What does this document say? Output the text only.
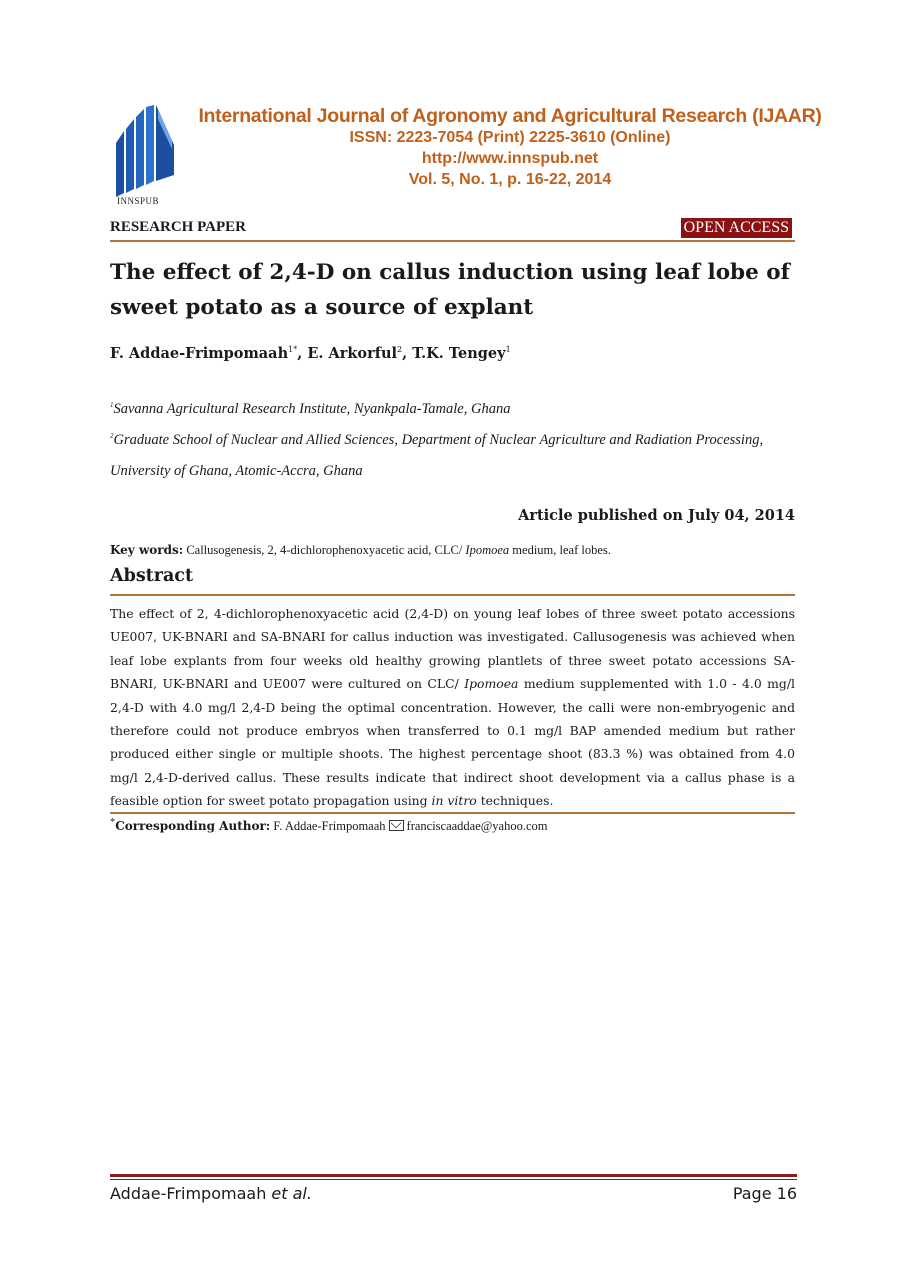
INNSPUB
International Journal of Agronomy and Agricultural Research (IJAAR)
ISSN: 2223-7054 (Print) 2225-3610 (Online)
http://www.innspub.net
Vol. 5, No. 1, p. 16-22, 2014
RESEARCH PAPER	OPEN ACCESS
The effect of 2,4-D on callus induction using leaf lobe of sweet potato as a source of explant
F. Addae-Frimpomaah$^{1*}$, E. Arkorful$^2$, T.K. Tengey$^1$
$^1$Savanna Agricultural Research Institute, Nyankpala-Tamale, Ghana
$^2$Graduate School of Nuclear and Allied Sciences, Department of Nuclear Agriculture and Radiation Processing, University of Ghana, Atomic-Accra, Ghana
Article published on July 04, 2014
Key words: Callusogenesis, 2, 4-dichlorophenoxyacetic acid, CLC/ Ipomoea medium, leaf lobes.
Abstract
The effect of 2, 4-dichlorophenoxyacetic acid (2,4-D) on young leaf lobes of three sweet potato accessions UE007, UK-BNARI and SA-BNARI for callus induction was investigated. Callusogenesis was achieved when leaf lobe explants from four weeks old healthy growing plantlets of three sweet potato accessions SA-BNARI, UK-BNARI and UE007 were cultured on CLC/ Ipomoea medium supplemented with 1.0 - 4.0 mg/l 2,4-D with 4.0 mg/l 2,4-D being the optimal concentration. However, the calli were non-embryogenic and therefore could not produce embryos when transferred to 0.1 mg/l BAP amended medium but rather produced either single or multiple shoots. The highest percentage shoot (83.3 %) was obtained from 4.0 mg/l 2,4-D-derived callus. These results indicate that indirect shoot development via a callus phase is a feasible option for sweet potato propagation using in vitro techniques.
*Corresponding Author: F. Addae-Frimpomaah franciscaaddae@yahoo.com
Addae-Frimpomaah et al.	Page 16
